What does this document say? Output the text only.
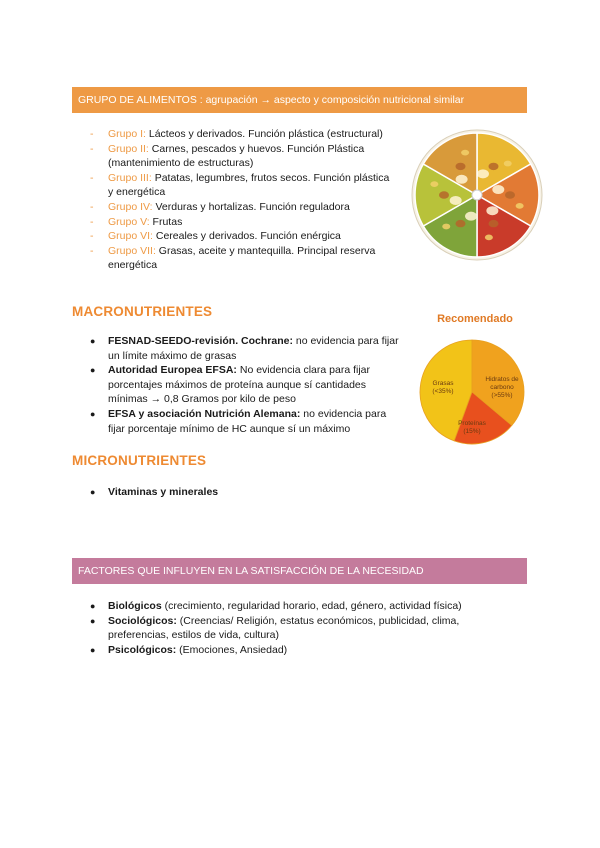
GRUPO DE ALIMENTOS : agrupación → aspecto y composición nutricional similar
- Grupo I: Lácteos y derivados. Función plástica (estructural)
- Grupo II: Carnes, pescados y huevos. Función Plástica (mantenimiento de estructuras)
- Grupo III: Patatas, legumbres, frutos secos. Función plástica y energética
- Grupo IV: Verduras y hortalizas. Función reguladora
- Grupo V: Frutas
- Grupo VI: Cereales y derivados. Función enérgica
- Grupo VII: Grasas, aceite y mantequilla. Principal reserva energética
MACRONUTRIENTES
● FESNAD-SEEDO-revisión. Cochrane: no evidencia para fijar un límite máximo de grasas
● Autoridad Europea EFSA: No evidencia clara para fijar porcentajes máximos de proteína aunque sí cantidades mínimas → 0,8 Gramos por kilo de peso
● EFSA y asociación Nutrición Alemana: no evidencia para fijar porcentaje mínimo de HC aunque sí un máximo
Recomendado
Grasas
(<35%)
Hidratos de
carbono
(>55%)
Proteínas
(15%)
MICRONUTRIENTES
● Vitaminas y minerales
FACTORES QUE INFLUYEN EN LA SATISFACCIÓN DE LA NECESIDAD
● Biológicos (crecimiento, regularidad horario, edad, género, actividad física)
● Sociológicos: (Creencias/ Religión, estatus económicos, publicidad, clima, preferencias, estilos de vida, cultura)
● Psicológicos: (Emociones, Ansiedad)
